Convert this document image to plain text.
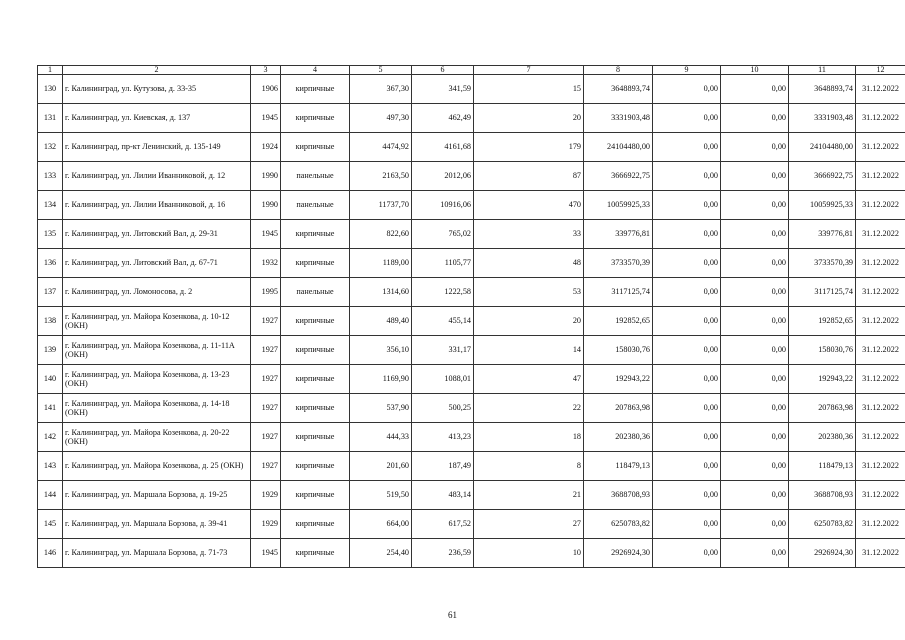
1	2	3	4	5	6	7	8	9	10	11	12
130	г. Калининград, ул. Кутузова, д. 33-35	1906	кирпичные	367,30	341,59	15	3648893,74	0,00	0,00	3648893,74	31.12.2022
131	г. Калининград, ул. Киевская, д. 137	1945	кирпичные	497,30	462,49	20	3331903,48	0,00	0,00	3331903,48	31.12.2022
132	г. Калининград, пр-кт Ленинский, д. 135-149	1924	кирпичные	4474,92	4161,68	179	24104480,00	0,00	0,00	24104480,00	31.12.2022
133	г. Калининград, ул. Лилии Иванниковой, д. 12	1990	панельные	2163,50	2012,06	87	3666922,75	0,00	0,00	3666922,75	31.12.2022
134	г. Калининград, ул. Лилии Иванниковой, д. 16	1990	панельные	11737,70	10916,06	470	10059925,33	0,00	0,00	10059925,33	31.12.2022
135	г. Калининград, ул. Литовский Вал, д. 29-31	1945	кирпичные	822,60	765,02	33	339776,81	0,00	0,00	339776,81	31.12.2022
136	г. Калининград, ул. Литовский Вал, д. 67-71	1932	кирпичные	1189,00	1105,77	48	3733570,39	0,00	0,00	3733570,39	31.12.2022
137	г. Калининград, ул. Ломоносова, д. 2	1995	панельные	1314,60	1222,58	53	3117125,74	0,00	0,00	3117125,74	31.12.2022
138	г. Калининград, ул. Майора Козенкова, д. 10-12 (ОКН)	1927	кирпичные	489,40	455,14	20	192852,65	0,00	0,00	192852,65	31.12.2022
139	г. Калининград, ул. Майора Козенкова, д. 11-11А (ОКН)	1927	кирпичные	356,10	331,17	14	158030,76	0,00	0,00	158030,76	31.12.2022
140	г. Калининград, ул. Майора Козенкова, д. 13-23 (ОКН)	1927	кирпичные	1169,90	1088,01	47	192943,22	0,00	0,00	192943,22	31.12.2022
141	г. Калининград, ул. Майора Козенкова, д. 14-18 (ОКН)	1927	кирпичные	537,90	500,25	22	207863,98	0,00	0,00	207863,98	31.12.2022
142	г. Калининград, ул. Майора Козенкова, д. 20-22 (ОКН)	1927	кирпичные	444,33	413,23	18	202380,36	0,00	0,00	202380,36	31.12.2022
143	г. Калининград, ул. Майора Козенкова, д. 25 (ОКН)	1927	кирпичные	201,60	187,49	8	118479,13	0,00	0,00	118479,13	31.12.2022
144	г. Калининград, ул. Маршала Борзова, д. 19-25	1929	кирпичные	519,50	483,14	21	3688708,93	0,00	0,00	3688708,93	31.12.2022
145	г. Калининград, ул. Маршала Борзова, д. 39-41	1929	кирпичные	664,00	617,52	27	6250783,82	0,00	0,00	6250783,82	31.12.2022
146	г. Калининград, ул. Маршала Борзова, д. 71-73	1945	кирпичные	254,40	236,59	10	2926924,30	0,00	0,00	2926924,30	31.12.2022
61
